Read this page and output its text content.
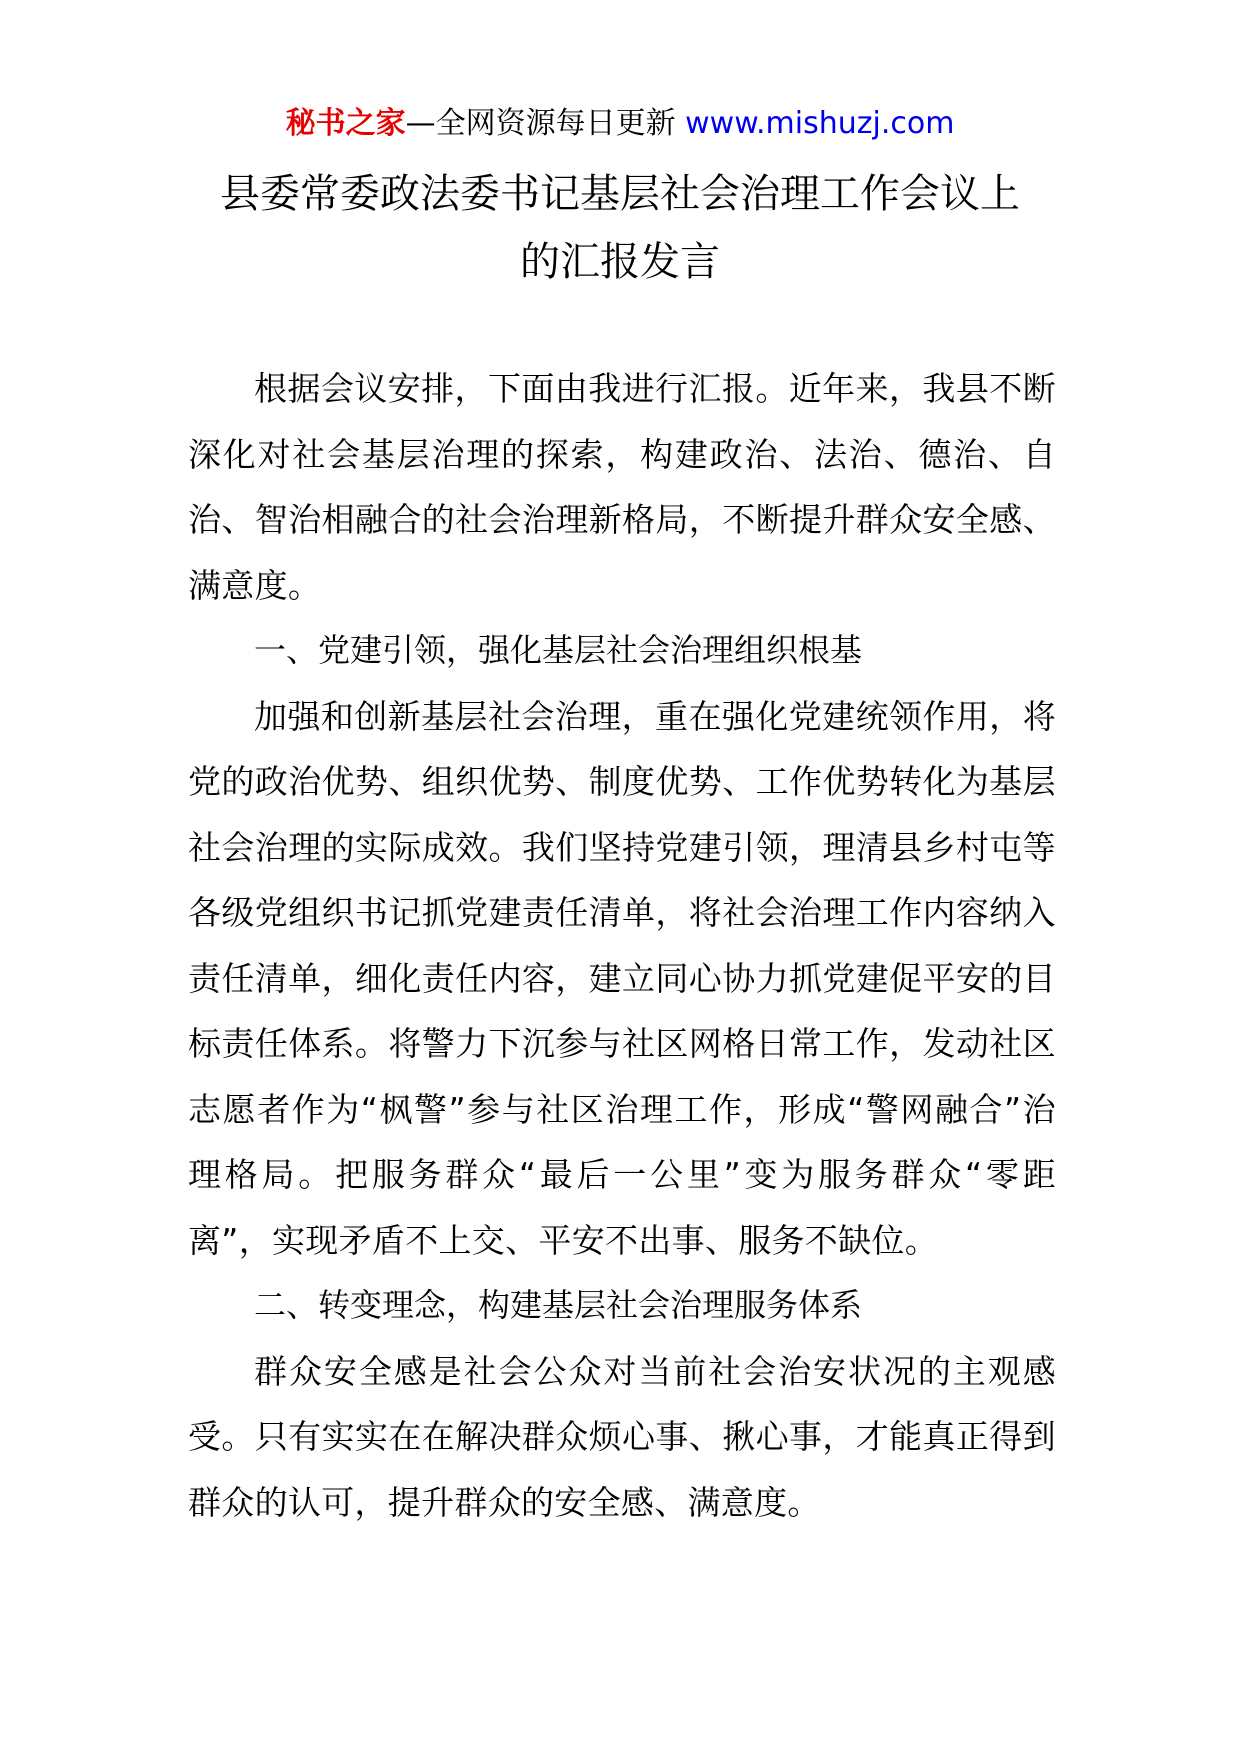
秘书之家—全网资源每日更新 www.mishuzj.com
县委常委政法委书记基层社会治理工作会议上
的汇报发言

根据会议安排，下面由我进行汇报。近年来，我县不断深化对社会基层治理的探索，构建政治、法治、德治、自治、智治相融合的社会治理新格局，不断提升群众安全感、满意度。

一、党建引领，强化基层社会治理组织根基

加强和创新基层社会治理，重在强化党建统领作用，将党的政治优势、组织优势、制度优势、工作优势转化为基层社会治理的实际成效。我们坚持党建引领，理清县乡村屯等各级党组织书记抓党建责任清单，将社会治理工作内容纳入责任清单，细化责任内容，建立同心协力抓党建促平安的目标责任体系。将警力下沉参与社区网格日常工作，发动社区志愿者作为“枫警”参与社区治理工作，形成“警网融合”治理格局。把服务群众“最后一公里”变为服务群众“零距离”，实现矛盾不上交、平安不出事、服务不缺位。

二、转变理念，构建基层社会治理服务体系

群众安全感是社会公众对当前社会治安状况的主观感受。只有实实在在解决群众烦心事、揪心事，才能真正得到群众的认可，提升群众的安全感、满意度。
